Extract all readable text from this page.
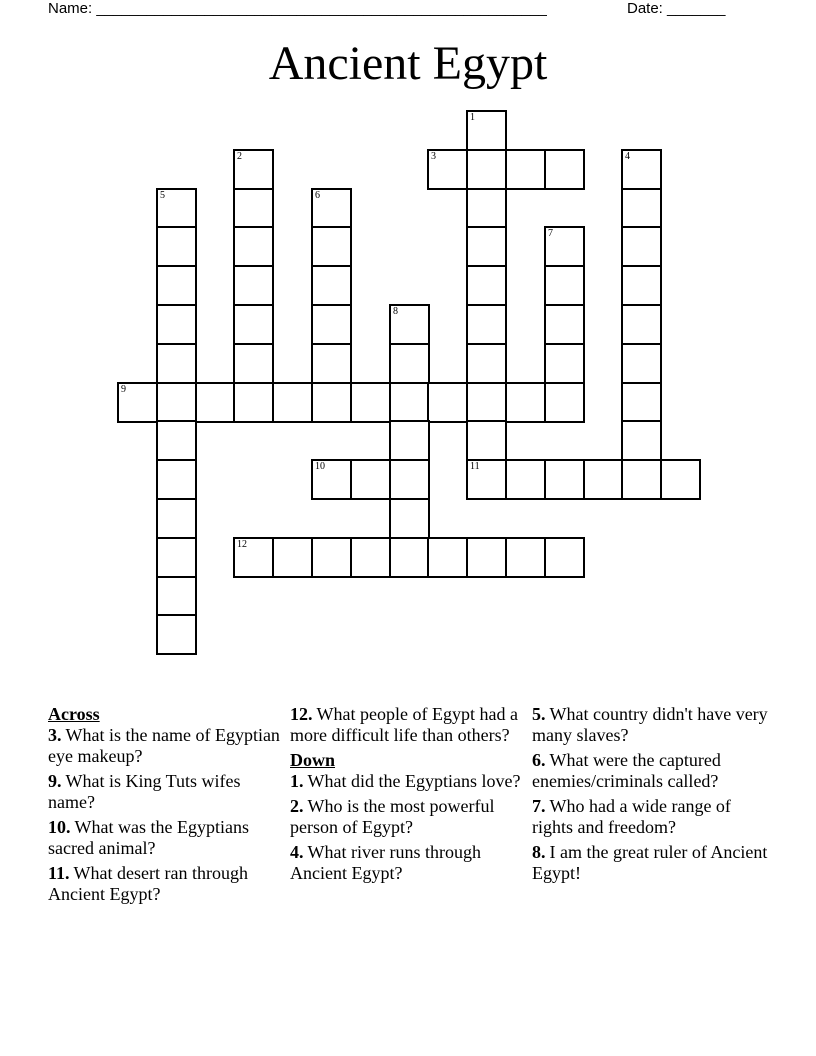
Name: ______________________________________________________	Date: _______
Ancient Egypt
3
9
10	11
12
1
2	4
5	6
7
8

Across

3. What is the name of Egyptian eye makeup?

9. What is King Tuts wifes name?

10. What was the Egyptians sacred animal?

11. What desert ran through Ancient Egypt?

12. What people of Egypt had a more difficult life than others?

Down

1. What did the Egyptians love?

2. Who is the most powerful person of Egypt?

4. What river runs through Ancient Egypt?

5. What country didn't have very many slaves?

6. What were the captured enemies/criminals called?

7. Who had a wide range of rights and freedom?

8. I am the great ruler of Ancient Egypt!
